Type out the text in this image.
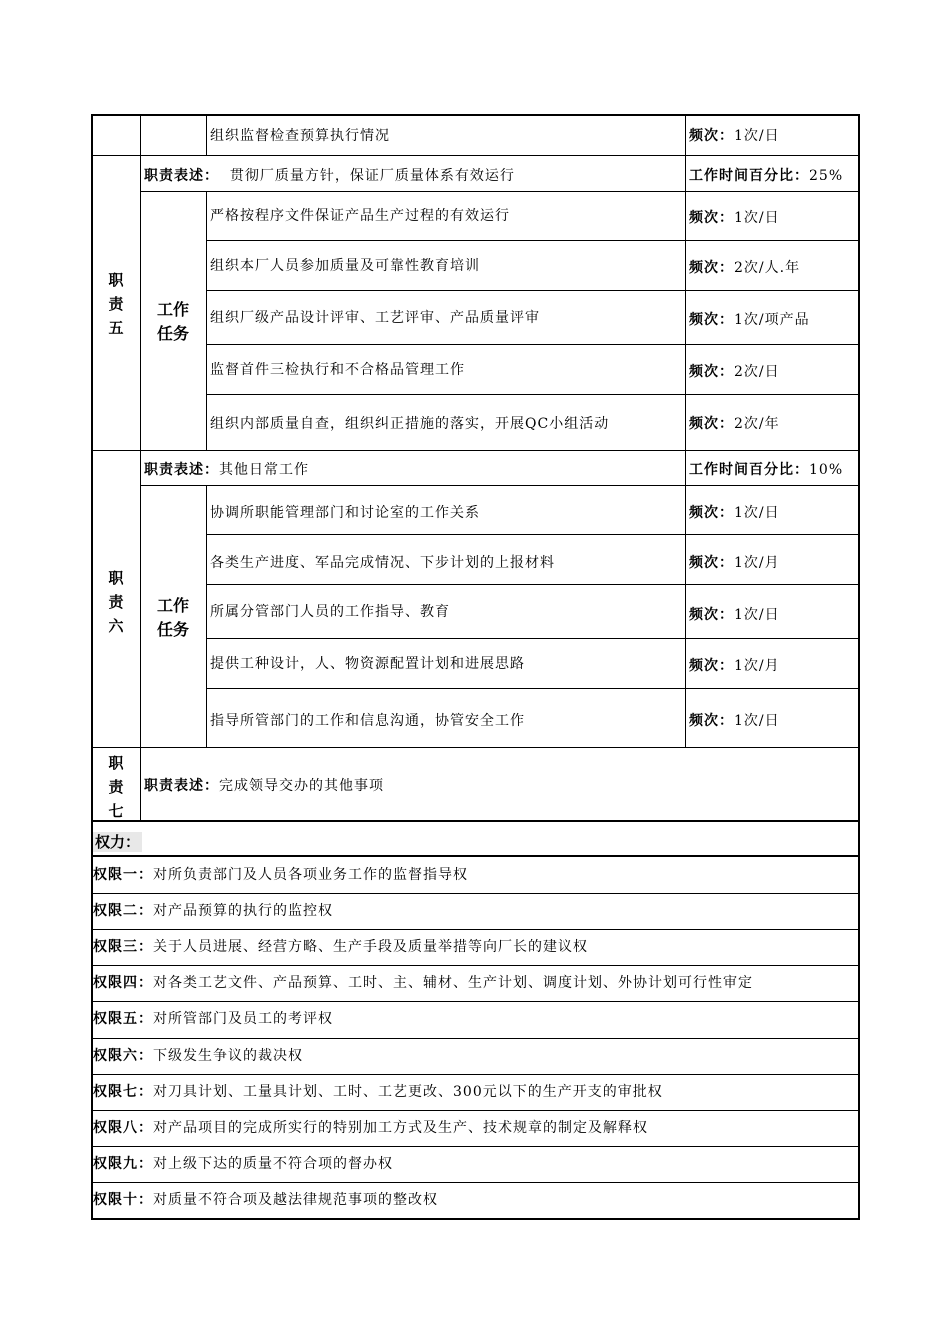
组织监督检查预算执行情况	频次：1次/日
职
责
五
职责表述： 贯彻厂质量方针，保证厂质量体系有效运行	工作时间百分比：25%
工作
任务
严格按程序文件保证产品生产过程的有效运行	频次：1次/日
组织本厂人员参加质量及可靠性教育培训	频次：2次/人.年
组织厂级产品设计评审、工艺评审、产品质量评审	频次：1次/项产品
监督首件三检执行和不合格品管理工作	频次：2次/日
组织内部质量自查，组织纠正措施的落实，开展QC小组活动	频次：2次/年
职
责
六
职责表述：其他日常工作	工作时间百分比：10%
工作
任务
协调所职能管理部门和讨论室的工作关系	频次：1次/日
各类生产进度、军品完成情况、下步计划的上报材料	频次：1次/月
所属分管部门人员的工作指导、教育	频次：1次/日
提供工种设计，人、物资源配置计划和进展思路	频次：1次/月
指导所管部门的工作和信息沟通，协管安全工作	频次：1次/日
职
责
七
职责表述：完成领导交办的其他事项
权力：
权限一：对所负责部门及人员各项业务工作的监督指导权
权限二：对产品预算的执行的监控权
权限三：关于人员进展、经营方略、生产手段及质量举措等向厂长的建议权
权限四：对各类工艺文件、产品预算、工时、主、辅材、生产计划、调度计划、外协计划可行性审定
权限五：对所管部门及员工的考评权
权限六：下级发生争议的裁决权
权限七：对刀具计划、工量具计划、工时、工艺更改、300元以下的生产开支的审批权
权限八：对产品项目的完成所实行的特别加工方式及生产、技术规章的制定及解释权
权限九：对上级下达的质量不符合项的督办权
权限十：对质量不符合项及越法律规范事项的整改权
